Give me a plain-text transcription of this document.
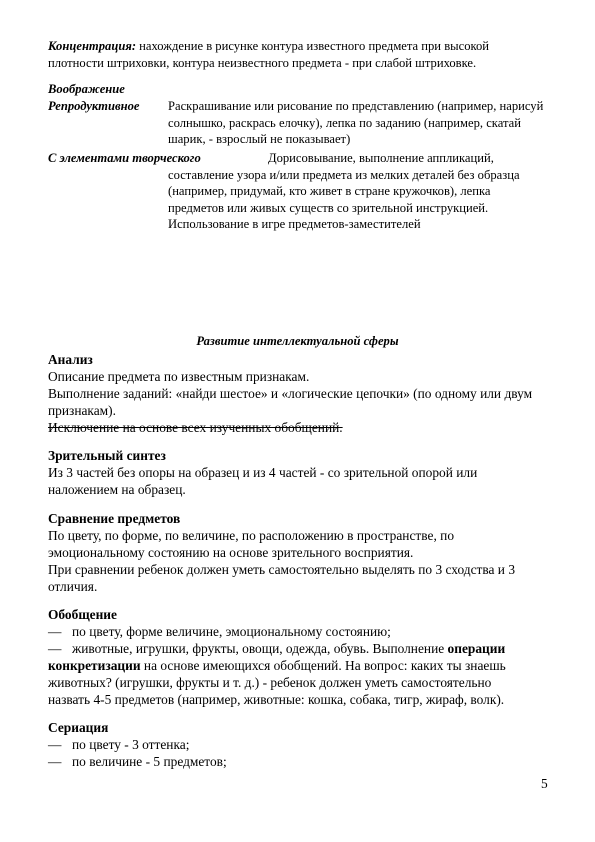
Концентрация: нахождение в рисунке контура известного предмета при высокой
плотности штриховки, контура неизвестного предмета - при слабой штриховке.
Воображение
Репродуктивное Раскрашивание или рисование по представлению (например, нарисуй
солнышко, раскрась елочку), лепка по заданию (например, скатай
шарик, - взрослый не показывает)
С элементами творческого	Дорисовывание, выполнение аппликаций,
составление узора и/или предмета из мелких деталей без образца
(например, придумай, кто живет в стране кружочков), лепка
предметов или живых существ со зрительной инструкцией.
Использование в игре предметов-заместителей
Развитие интеллектуальной сферы
Анализ
Описание предмета по известным признакам.
Выполнение заданий: «найди шестое» и «логические цепочки» (по одному или двум
признакам).
Исключение на основе всех изученных обобщений.
Зрительный синтез
Из 3 частей без опоры на образец и из 4 частей - со зрительной опорой или
наложением на образец.
Сравнение предметов
По цвету, по форме, по величине, по расположению в пространстве, по
эмоциональному состоянию на основе зрительного восприятия.
При сравнении ребенок должен уметь самостоятельно выделять по 3 сходства и 3
отличия.
Обобщение
— по цвету, форме величине, эмоциональному состоянию;
— животные, игрушки, фрукты, овощи, одежда, обувь. Выполнение операции
конкретизации на основе имеющихся обобщений. На вопрос: каких ты знаешь
животных? (игрушки, фрукты и т. д.) - ребенок должен уметь самостоятельно
назвать 4-5 предметов (например, животные: кошка, собака, тигр, жираф, волк).
Сериация
— по цвету - 3 оттенка;
— по величине - 5 предметов;
5
